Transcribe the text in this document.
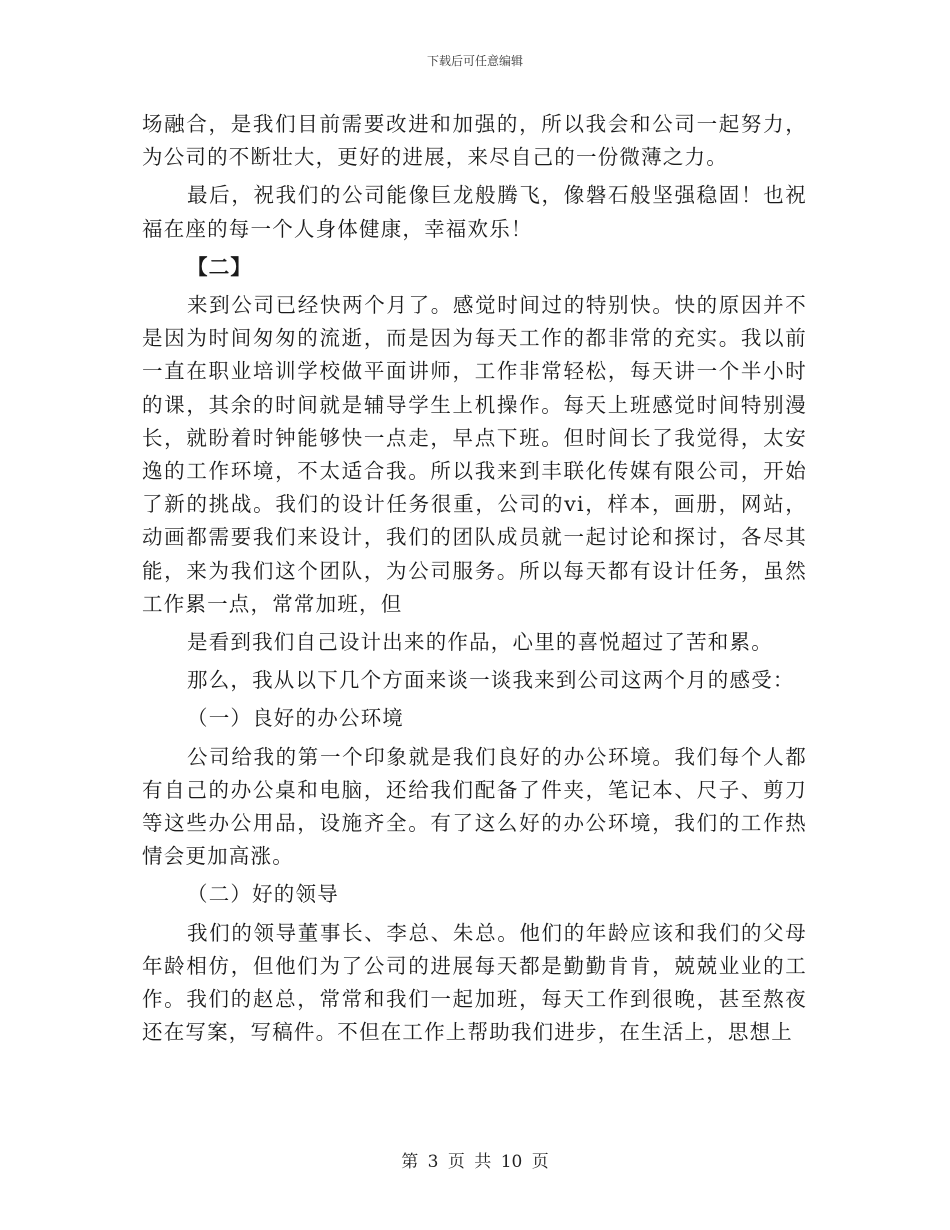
下载后可任意编辑

场融合，是我们目前需要改进和加强的，所以我会和公司一起努力，为公司的不断壮大，更好的进展，来尽自己的一份微薄之力。

最后，祝我们的公司能像巨龙般腾飞，像磐石般坚强稳固！也祝福在座的每一个人身体健康，幸福欢乐！

【二】

来到公司已经快两个月了。感觉时间过的特别快。快的原因并不是因为时间匆匆的流逝，而是因为每天工作的都非常的充实。我以前一直在职业培训学校做平面讲师，工作非常轻松，每天讲一个半小时的课，其余的时间就是辅导学生上机操作。每天上班感觉时间特别漫长，就盼着时钟能够快一点走，早点下班。但时间长了我觉得，太安逸的工作环境，不太适合我。所以我来到丰联化传媒有限公司，开始了新的挑战。我们的设计任务很重，公司的vi，样本，画册，网站，动画都需要我们来设计，我们的团队成员就一起讨论和探讨，各尽其能，来为我们这个团队，为公司服务。所以每天都有设计任务，虽然工作累一点，常常加班，但

是看到我们自己设计出来的作品，心里的喜悦超过了苦和累。

那么，我从以下几个方面来谈一谈我来到公司这两个月的感受：

（一）良好的办公环境

公司给我的第一个印象就是我们良好的办公环境。我们每个人都有自己的办公桌和电脑，还给我们配备了件夹，笔记本、尺子、剪刀等这些办公用品，设施齐全。有了这么好的办公环境，我们的工作热情会更加高涨。

（二）好的领导

我们的领导董事长、李总、朱总。他们的年龄应该和我们的父母年龄相仿，但他们为了公司的进展每天都是勤勤肯肯，兢兢业业的工作。我们的赵总，常常和我们一起加班，每天工作到很晚，甚至熬夜还在写案，写稿件。不但在工作上帮助我们进步，在生活上，思想上

第 3 页 共 10 页
